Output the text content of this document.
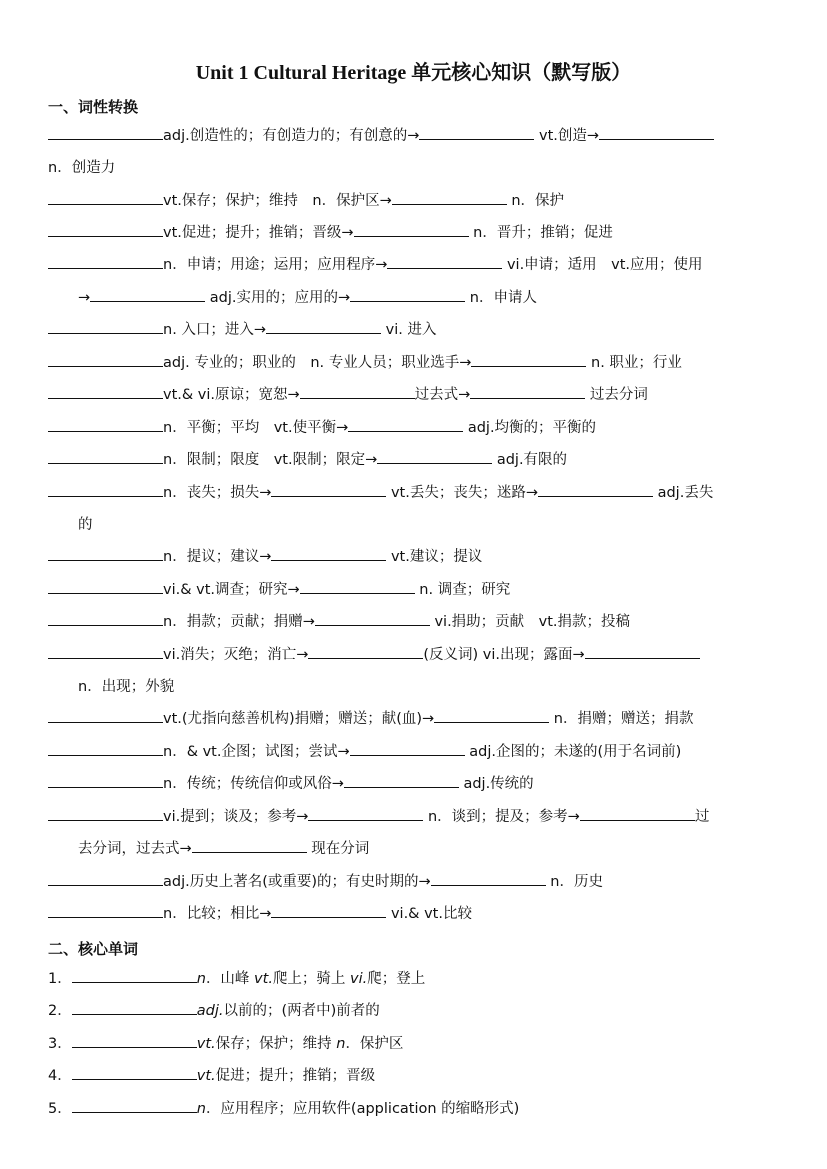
Unit 1 Cultural Heritage 单元核心知识（默写版）
一、词性转换
adj.创造性的；有创造力的；有创意的→	vt.创造→
n．创造力
vt.保存；保护；维持　n．保护区→	n．保护
vt.促进；提升；推销；晋级→	n．晋升；推销；促进
n．申请；用途；运用；应用程序→	vi.申请；适用　vt.应用；使用
→	adj.实用的；应用的→	n．申请人
n. 入口；进入→	vi. 进入
adj. 专业的；职业的　n. 专业人员；职业选手→	n. 职业；行业
vt.& vi.原谅；宽恕→	过去式→	过去分词
n．平衡；平均　vt.使平衡→	adj.均衡的；平衡的
n．限制；限度　vt.限制；限定→	adj.有限的
n．丧失；损失→	vt.丢失；丧失；迷路→	adj.丢失
的
n．提议；建议→	vt.建议；提议
vi.& vt.调查；研究→	n. 调查；研究
n．捐款；贡献；捐赠→	vi.捐助；贡献　vt.捐款；投稿
vi.消失；灭绝；消亡→	(反义词) vi.出现；露面→
n．出现；外貌
vt.(尤指向慈善机构)捐赠；赠送；献(血)→	n．捐赠；赠送；捐款
n．& vt.企图；试图；尝试→	adj.企图的；未遂的(用于名词前)
n．传统；传统信仰或风俗→	adj.传统的
vi.提到；谈及；参考→	n．谈到；提及；参考→	过
去分词，过去式→	现在分词
adj.历史上著名(或重要)的；有史时期的→	n．历史
n．比较；相比→	vi.& vt.比较
二、核心单词
1．	n．山峰 vt.爬上；骑上 vi.爬；登上
2．	adj.以前的；(两者中)前者的
3．	vt.保存；保护；维持 n．保护区
4．	vt.促进；提升；推销；晋级
5．	n．应用程序；应用软件(application 的缩略形式)
